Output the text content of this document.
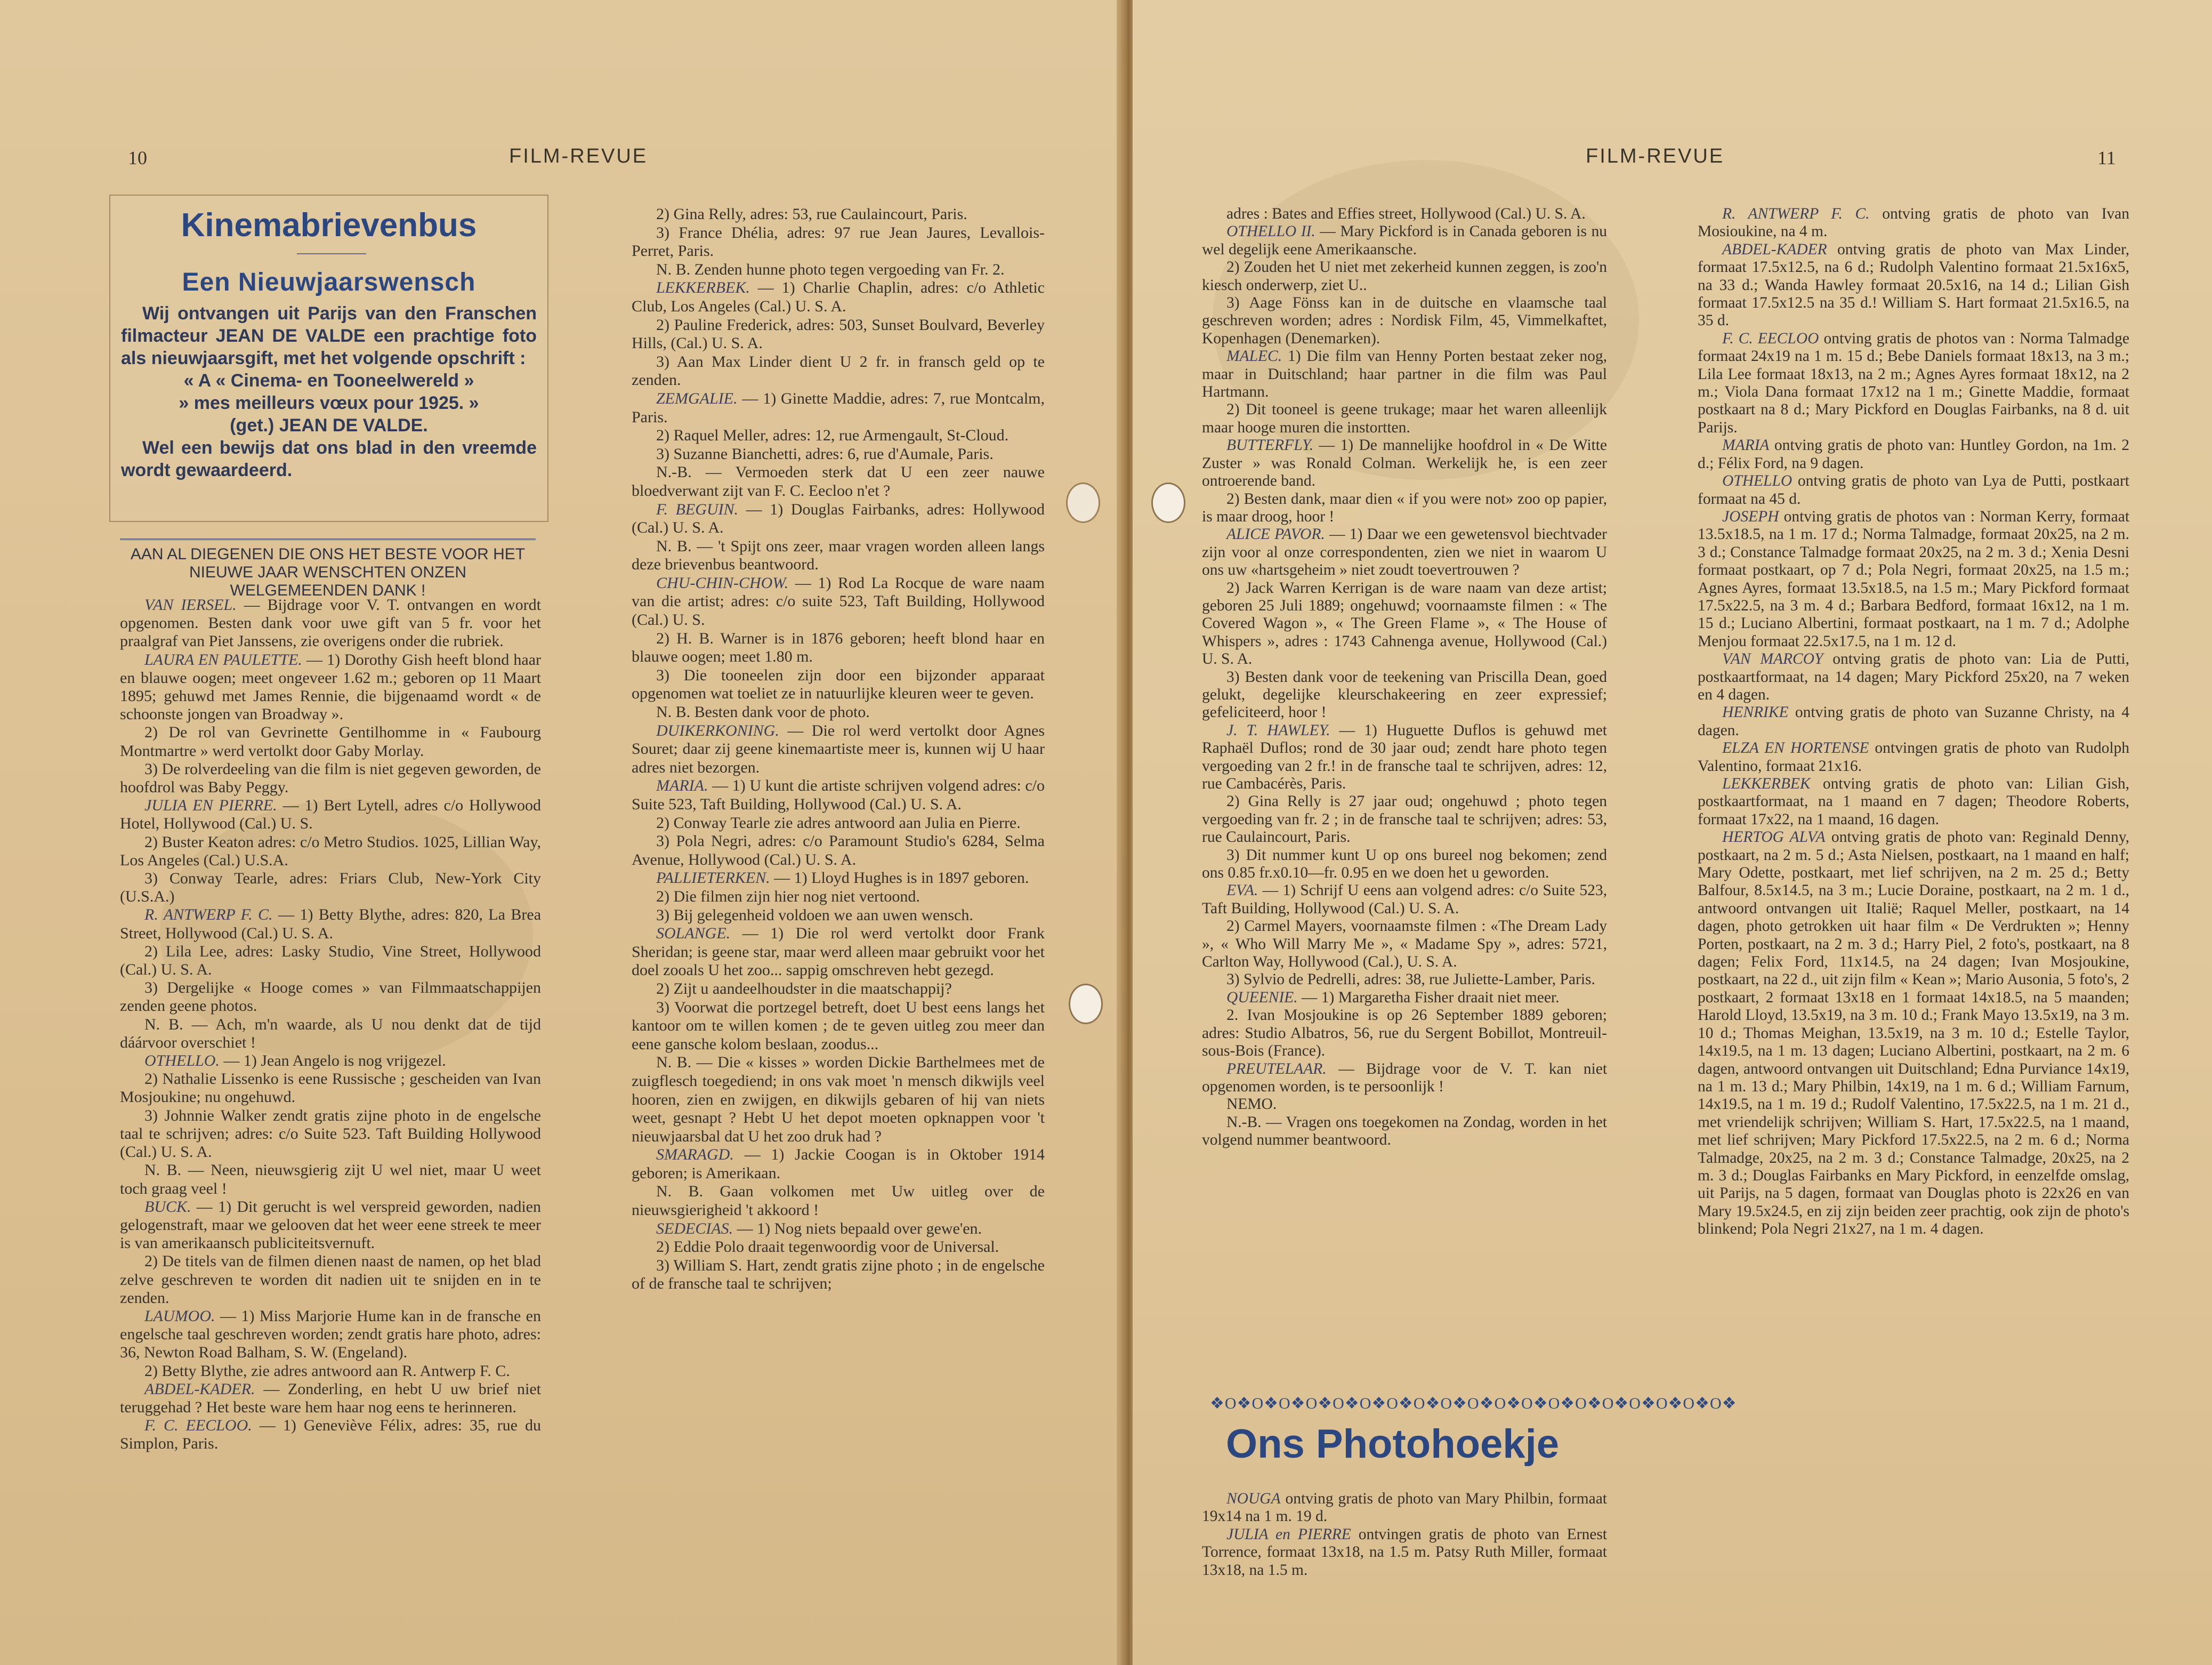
10	FILM-REVUE
Kinemabrievenbus
Een Nieuwjaarswensch

Wij ontvangen uit Parijs van den Franschen filmacteur JEAN DE VALDE een prachtige foto als nieuwjaarsgift, met het volgende opschrift :

« A « Cinema- en Tooneelwereld »

» mes meilleurs vœux pour 1925. »

(get.) JEAN DE VALDE.

Wel een bewijs dat ons blad in den vreemde wordt gewaardeerd.

AAN AL DIEGENEN DIE ONS HET BESTE VOOR HET NIEUWE JAAR WENSCHTEN ONZEN WELGEMEENDEN DANK !

VAN IERSEL. — Bijdrage voor V. T. ontvangen en wordt opgenomen. Besten dank voor uwe gift van 5 fr. voor het praalgraf van Piet Janssens, zie overigens onder die rubriek.

LAURA EN PAULETTE. — 1) Dorothy Gish heeft blond haar en blauwe oogen; meet ongeveer 1.62 m.; geboren op 11 Maart 1895; gehuwd met James Rennie, die bijgenaamd wordt « de schoonste jongen van Broadway ».

2) De rol van Gevrinette Gentilhomme in « Faubourg Montmartre » werd vertolkt door Gaby Morlay.

3) De rolverdeeling van die film is niet gegeven geworden, de hoofdrol was Baby Peggy.

JULIA EN PIERRE. — 1) Bert Lytell, adres c/o Hollywood Hotel, Hollywood (Cal.) U. S.

2) Buster Keaton adres: c/o Metro Studios. 1025, Lillian Way, Los Angeles (Cal.) U.S.A.

3) Conway Tearle, adres: Friars Club, New-York City (U.S.A.)

R. ANTWERP F. C. — 1) Betty Blythe, adres: 820, La Brea Street, Hollywood (Cal.) U. S. A.

2) Lila Lee, adres: Lasky Studio, Vine Street, Hollywood (Cal.) U. S. A.

3) Dergelijke « Hooge comes » van Filmmaatschappijen zenden geene photos.

N. B. — Ach, m'n waarde, als U nou denkt dat de tijd dáárvoor overschiet !

OTHELLO. — 1) Jean Angelo is nog vrijgezel.

2) Nathalie Lissenko is eene Russische ; gescheiden van Ivan Mosjoukine; nu ongehuwd.

3) Johnnie Walker zendt gratis zijne photo in de engelsche taal te schrijven; adres: c/o Suite 523. Taft Building Hollywood (Cal.) U. S. A.

N. B. — Neen, nieuwsgierig zijt U wel niet, maar U weet toch graag veel !

BUCK. — 1) Dit gerucht is wel verspreid geworden, nadien gelogenstraft, maar we gelooven dat het weer eene streek te meer is van amerikaansch publiciteitsvernuft.

2) De titels van de filmen dienen naast de namen, op het blad zelve geschreven te worden dit nadien uit te snijden en in te zenden.

LAUMOO. — 1) Miss Marjorie Hume kan in de fransche en engelsche taal geschreven worden; zendt gratis hare photo, adres: 36, Newton Road Balham, S. W. (Engeland).

2) Betty Blythe, zie adres antwoord aan R. Antwerp F. C.

ABDEL-KADER. — Zonderling, en hebt U uw brief niet teruggehad ? Het beste ware hem haar nog eens te herinneren.

F. C. EECLOO. — 1) Geneviève Félix, adres: 35, rue du Simplon, Paris.

2) Gina Relly, adres: 53, rue Caulaincourt, Paris.

3) France Dhélia, adres: 97 rue Jean Jaures, Levallois-Perret, Paris.

N. B. Zenden hunne photo tegen vergoeding van Fr. 2.

LEKKERBEK. — 1) Charlie Chaplin, adres: c/o Athletic Club, Los Angeles (Cal.) U. S. A.

2) Pauline Frederick, adres: 503, Sunset Boulvard, Beverley Hills, (Cal.) U. S. A.

3) Aan Max Linder dient U 2 fr. in fransch geld op te zenden.

ZEMGALIE. — 1) Ginette Maddie, adres: 7, rue Montcalm, Paris.

2) Raquel Meller, adres: 12, rue Armengault, St-Cloud.

3) Suzanne Bianchetti, adres: 6, rue d'Aumale, Paris.

N.-B. — Vermoeden sterk dat U een zeer nauwe bloedverwant zijt van F. C. Eecloo n'et ?

F. BEGUIN. — 1) Douglas Fairbanks, adres: Hollywood (Cal.) U. S. A.

N. B. — 't Spijt ons zeer, maar vragen worden alleen langs deze brievenbus beantwoord.

CHU-CHIN-CHOW. — 1) Rod La Rocque de ware naam van die artist; adres: c/o suite 523, Taft Building, Hollywood (Cal.) U. S.

2) H. B. Warner is in 1876 geboren; heeft blond haar en blauwe oogen; meet 1.80 m.

3) Die tooneelen zijn door een bijzonder apparaat opgenomen wat toeliet ze in natuurlijke kleuren weer te geven.

N. B. Besten dank voor de photo.

DUIKERKONING. — Die rol werd vertolkt door Agnes Souret; daar zij geene kinemaartiste meer is, kunnen wij U haar adres niet bezorgen.

MARIA. — 1) U kunt die artiste schrijven volgend adres: c/o Suite 523, Taft Building, Hollywood (Cal.) U. S. A.

2) Conway Tearle zie adres antwoord aan Julia en Pierre.

3) Pola Negri, adres: c/o Paramount Studio's 6284, Selma Avenue, Hollywood (Cal.) U. S. A.

PALLIETERKEN. — 1) Lloyd Hughes is in 1897 geboren.

2) Die filmen zijn hier nog niet vertoond.

3) Bij gelegenheid voldoen we aan uwen wensch.

SOLANGE. — 1) Die rol werd vertolkt door Frank Sheridan; is geene star, maar werd alleen maar gebruikt voor het doel zooals U het zoo... sappig omschreven hebt gezegd.

2) Zijt u aandeelhoudster in die maatschappij?

3) Voorwat die portzegel betreft, doet U best eens langs het kantoor om te willen komen ; de te geven uitleg zou meer dan eene gansche kolom beslaan, zoodus...

N. B. — Die « kisses » worden Dickie Barthelmees met de zuigflesch toegediend; in ons vak moet 'n mensch dikwijls veel hooren, zien en zwijgen, en dikwijls gebaren of hij van niets weet, gesnapt ? Hebt U het depot moeten opknappen voor 't nieuwjaarsbal dat U het zoo druk had ?

SMARAGD. — 1) Jackie Coogan is in Oktober 1914 geboren; is Amerikaan.

N. B. Gaan volkomen met Uw uitleg over de nieuwsgierigheid 't akkoord !

SEDECIAS. — 1) Nog niets bepaald over gewe'en.

2) Eddie Polo draait tegenwoordig voor de Universal.

3) William S. Hart, zendt gratis zijne photo ; in de engelsche of de fransche taal te schrijven;

FILM-REVUE	11

adres : Bates and Effies street, Hollywood (Cal.) U. S. A.

OTHELLO II. — Mary Pickford is in Canada geboren is nu wel degelijk eene Amerikaansche.

2) Zouden het U niet met zekerheid kunnen zeggen, is zoo'n kiesch onderwerp, ziet U..

3) Aage Fönss kan in de duitsche en vlaamsche taal geschreven worden; adres : Nordisk Film, 45, Vimmelkaftet, Kopenhagen (Denemarken).

MALEC. 1) Die film van Henny Porten bestaat zeker nog, maar in Duitschland; haar partner in die film was Paul Hartmann.

2) Dit tooneel is geene trukage; maar het waren alleenlijk maar hooge muren die instortten.

BUTTERFLY. — 1) De mannelijke hoofdrol in « De Witte Zuster » was Ronald Colman. Werkelijk he, is een zeer ontroerende band.

2) Besten dank, maar dien « if you were not» zoo op papier, is maar droog, hoor !

ALICE PAVOR. — 1) Daar we een gewetensvol biechtvader zijn voor al onze correspondenten, zien we niet in waarom U ons uw «hartsgeheim » niet zoudt toevertrouwen ?

2) Jack Warren Kerrigan is de ware naam van deze artist; geboren 25 Juli 1889; ongehuwd; voornaamste filmen : « The Covered Wagon », « The Green Flame », « The House of Whispers », adres : 1743 Cahnenga avenue, Hollywood (Cal.) U. S. A.

3) Besten dank voor de teekening van Priscilla Dean, goed gelukt, degelijke kleurschakeering en zeer expressief; gefeliciteerd, hoor !

J. T. HAWLEY. — 1) Huguette Duflos is gehuwd met Raphaël Duflos; rond de 30 jaar oud; zendt hare photo tegen vergoeding van 2 fr.! in de fransche taal te schrijven, adres: 12, rue Cambacérès, Paris.

2) Gina Relly is 27 jaar oud; ongehuwd ; photo tegen vergoeding van fr. 2 ; in de fransche taal te schrijven; adres: 53, rue Caulaincourt, Paris.

3) Dit nummer kunt U op ons bureel nog bekomen; zend ons 0.85 fr.x0.10—fr. 0.95 en we doen het u geworden.

EVA. — 1) Schrijf U eens aan volgend adres: c/o Suite 523, Taft Building, Hollywood (Cal.) U. S. A.

2) Carmel Mayers, voornaamste filmen : «The Dream Lady », « Who Will Marry Me », « Madame Spy », adres: 5721, Carlton Way, Hollywood (Cal.), U. S. A.

3) Sylvio de Pedrelli, adres: 38, rue Juliette-Lamber, Paris.

QUEENIE. — 1) Margaretha Fisher draait niet meer.

2. Ivan Mosjoukine is op 26 September 1889 geboren; adres: Studio Albatros, 56, rue du Sergent Bobillot, Montreuil-sous-Bois (France).

PREUTELAAR. — Bijdrage voor de V. T. kan niet opgenomen worden, is te persoonlijk !

NEMO.

N.-B. — Vragen ons toegekomen na Zondag, worden in het volgend nummer beantwoord.

NOUGA ontving gratis de photo van Mary Philbin, formaat 19x14 na 1 m. 19 d.

JULIA en PIERRE ontvingen gratis de photo van Ernest Torrence, formaat 13x18, na 1.5 m. Patsy Ruth Miller, formaat 13x18, na 1.5 m.

R. ANTWERP F. C. ontving gratis de photo van Ivan Mosioukine, na 4 m.

ABDEL-KADER ontving gratis de photo van Max Linder, formaat 17.5x12.5, na 6 d.; Rudolph Valentino formaat 21.5x16x5, na 33 d.; Wanda Hawley formaat 20.5x16, na 14 d.; Lilian Gish formaat 17.5x12.5 na 35 d.! William S. Hart formaat 21.5x16.5, na 35 d.

F. C. EECLOO ontving gratis de photos van : Norma Talmadge formaat 24x19 na 1 m. 15 d.; Bebe Daniels formaat 18x13, na 3 m.; Lila Lee formaat 18x13, na 2 m.; Agnes Ayres formaat 18x12, na 2 m.; Viola Dana formaat 17x12 na 1 m.; Ginette Maddie, formaat postkaart na 8 d.; Mary Pickford en Douglas Fairbanks, na 8 d. uit Parijs.

MARIA ontving gratis de photo van: Huntley Gordon, na 1m. 2 d.; Félix Ford, na 9 dagen.

OTHELLO ontving gratis de photo van Lya de Putti, postkaart formaat na 45 d.

JOSEPH ontving gratis de photos van : Norman Kerry, formaat 13.5x18.5, na 1 m. 17 d.; Norma Talmadge, formaat 20x25, na 2 m. 3 d.; Constance Talmadge formaat 20x25, na 2 m. 3 d.; Xenia Desni formaat postkaart, op 7 d.; Pola Negri, formaat 20x25, na 1.5 m.; Agnes Ayres, formaat 13.5x18.5, na 1.5 m.; Mary Pickford formaat 17.5x22.5, na 3 m. 4 d.; Barbara Bedford, formaat 16x12, na 1 m. 15 d.; Luciano Albertini, formaat postkaart, na 1 m. 7 d.; Adolphe Menjou formaat 22.5x17.5, na 1 m. 12 d.

VAN MARCOY ontving gratis de photo van: Lia de Putti, postkaartformaat, na 14 dagen; Mary Pickford 25x20, na 7 weken en 4 dagen.

HENRIKE ontving gratis de photo van Suzanne Christy, na 4 dagen.

ELZA EN HORTENSE ontvingen gratis de photo van Rudolph Valentino, formaat 21x16.

LEKKERBEK ontving gratis de photo van: Lilian Gish, postkaartformaat, na 1 maand en 7 dagen; Theodore Roberts, formaat 17x22, na 1 maand, 16 dagen.

HERTOG ALVA ontving gratis de photo van: Reginald Denny, postkaart, na 2 m. 5 d.; Asta Nielsen, postkaart, na 1 maand en half; Mary Odette, postkaart, met lief schrijven, na 2 m. 25 d.; Betty Balfour, 8.5x14.5, na 3 m.; Lucie Doraine, postkaart, na 2 m. 1 d., antwoord ontvangen uit Italië; Raquel Meller, postkaart, na 14 dagen, photo getrokken uit haar film « De Verdrukten »; Henny Porten, postkaart, na 2 m. 3 d.; Harry Piel, 2 foto's, postkaart, na 8 dagen; Felix Ford, 11x14.5, na 24 dagen; Ivan Mosjoukine, postkaart, na 22 d., uit zijn film « Kean »; Mario Ausonia, 5 foto's, 2 postkaart, 2 formaat 13x18 en 1 formaat 14x18.5, na 5 maanden; Harold Lloyd, 13.5x19, na 3 m. 10 d.; Frank Mayo 13.5x19, na 3 m. 10 d.; Thomas Meighan, 13.5x19, na 3 m. 10 d.; Estelle Taylor, 14x19.5, na 1 m. 13 dagen; Luciano Albertini, postkaart, na 2 m. 6 dagen, antwoord ontvangen uit Duitschland; Edna Purviance 14x19, na 1 m. 13 d.; Mary Philbin, 14x19, na 1 m. 6 d.; William Farnum, 14x19.5, na 1 m. 19 d.; Rudolf Valentino, 17.5x22.5, na 1 m. 21 d., met vriendelijk schrijven; William S. Hart, 17.5x22.5, na 1 maand, met lief schrijven; Mary Pickford 17.5x22.5, na 2 m. 6 d.; Norma Talmadge, 20x25, na 2 m. 3 d.; Constance Talmadge, 20x25, na 2 m. 3 d.; Douglas Fairbanks en Mary Pickford, in eenzelfde omslag, uit Parijs, na 5 dagen, formaat van Douglas photo is 22x26 en van Mary 19.5x24.5, en zij zijn beiden zeer prachtig, ook zijn de photo's blinkend; Pola Negri 21x27, na 1 m. 4 dagen.

❖O❖O❖O❖O❖O❖O❖O❖O❖O❖O❖O❖O❖O❖O❖O❖O❖O❖O❖O❖
Ons Photohoekje
